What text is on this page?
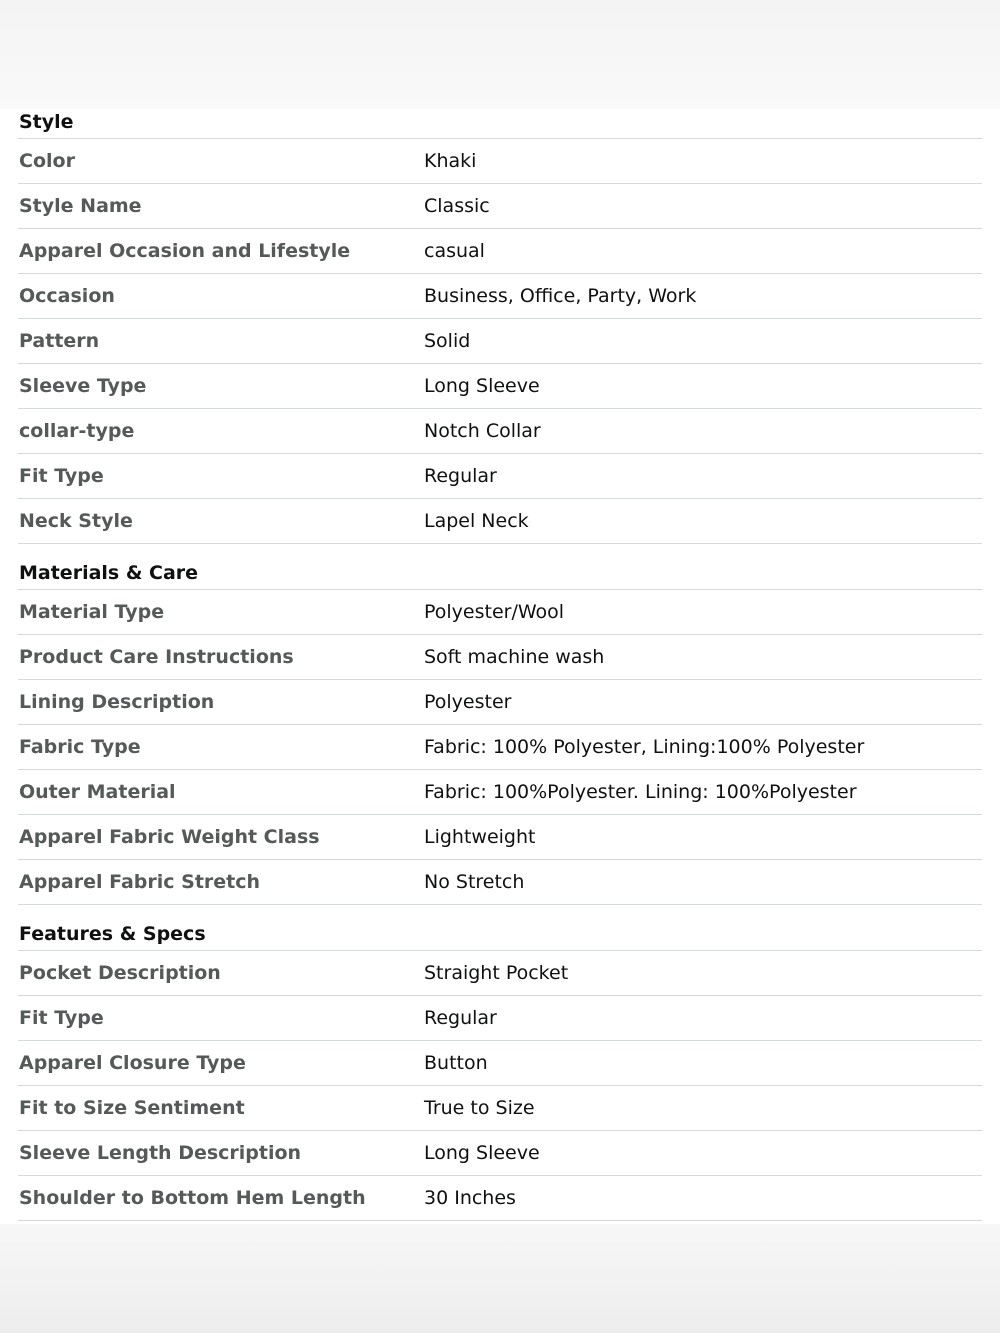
Style
Color	Khaki
Style Name	Classic
Apparel Occasion and Lifestyle	casual
Occasion	Business, Office, Party, Work
Pattern	Solid
Sleeve Type	Long Sleeve
collar-type	Notch Collar
Fit Type	Regular
Neck Style	Lapel Neck
Materials & Care
Material Type	Polyester/Wool
Product Care Instructions	Soft machine wash
Lining Description	Polyester
Fabric Type	Fabric: 100% Polyester, Lining:100% Polyester
Outer Material	Fabric: 100%Polyester. Lining: 100%Polyester
Apparel Fabric Weight Class	Lightweight
Apparel Fabric Stretch	No Stretch
Features & Specs
Pocket Description	Straight Pocket
Fit Type	Regular
Apparel Closure Type	Button
Fit to Size Sentiment	True to Size
Sleeve Length Description	Long Sleeve
Shoulder to Bottom Hem Length	30 Inches
